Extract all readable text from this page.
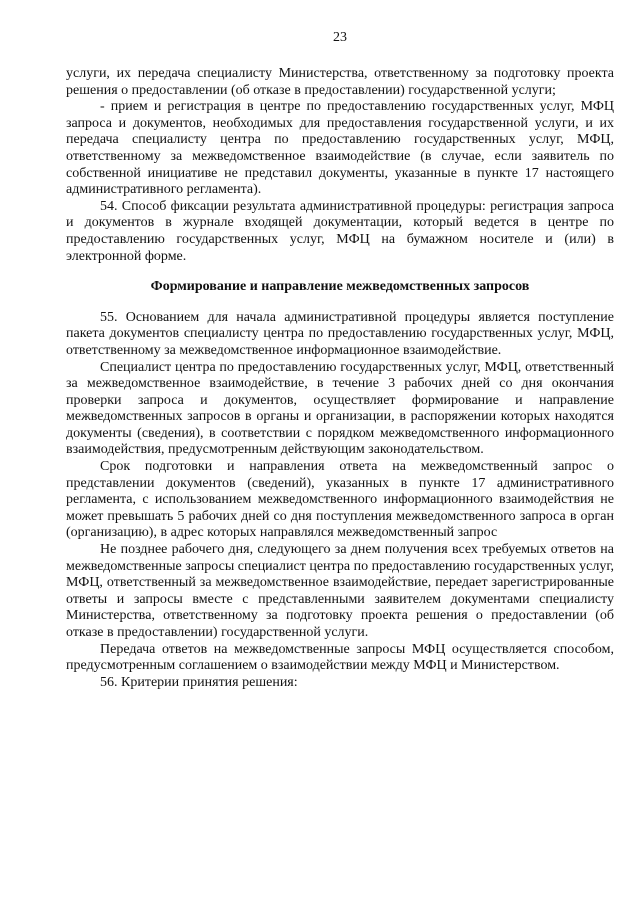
23

услуги, их передача специалисту Министерства, ответственному за подготовку проекта решения о предоставлении (об отказе в предоставлении) государственной услуги;

- прием и регистрация в центре по предоставлению государственных услуг, МФЦ запроса и документов, необходимых для предоставления государственной услуги, и их передача специалисту центра по предоставлению государственных услуг, МФЦ, ответственному за межведомственное взаимодействие (в случае, если заявитель по собственной инициативе не представил документы, указанные в пункте 17 настоящего административного регламента).

54. Способ фиксации результата административной процедуры: регистрация запроса и документов в журнале входящей документации, который ведется в центре по предоставлению государственных услуг, МФЦ на бумажном носителе и (или) в электронной форме.

Формирование и направление межведомственных запросов

55. Основанием для начала административной процедуры является поступление пакета документов специалисту центра по предоставлению государственных услуг, МФЦ, ответственному за межведомственное информационное взаимодействие.

Специалист центра по предоставлению государственных услуг, МФЦ, ответственный за межведомственное взаимодействие, в течение 3 рабочих дней со дня окончания проверки запроса и документов, осуществляет формирование и направление межведомственных запросов в органы и организации, в распоряжении которых находятся документы (сведения), в соответствии с порядком межведомственного информационного взаимодействия, предусмотренным действующим законодательством.

Срок подготовки и направления ответа на межведомственный запрос о представлении документов (сведений), указанных в пункте 17 административного регламента, с использованием межведомственного информационного взаимодействия не может превышать 5 рабочих дней со дня поступления межведомственного запроса в орган (организацию), в адрес которых направлялся межведомственный запрос

Не позднее рабочего дня, следующего за днем получения всех требуемых ответов на межведомственные запросы специалист центра по предоставлению государственных услуг, МФЦ, ответственный за межведомственное взаимодействие, передает зарегистрированные ответы и запросы вместе с представленными заявителем документами специалисту Министерства, ответственному за подготовку проекта решения о предоставлении (об отказе в предоставлении) государственной услуги.

Передача ответов на межведомственные запросы МФЦ осуществляется способом, предусмотренным соглашением о взаимодействии между МФЦ и Министерством.

56. Критерии принятия решения:
